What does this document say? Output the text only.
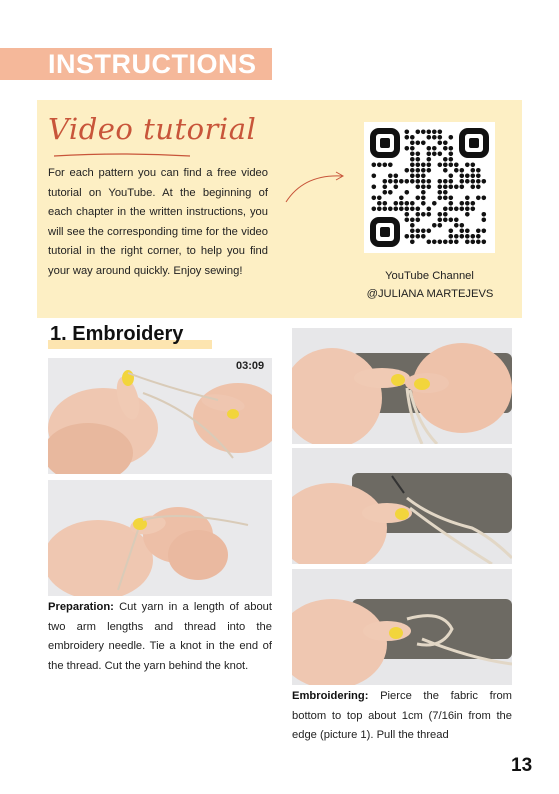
INSTRUCTIONS
Video tutorial
For each pattern you can find a free video tutorial on YouTube. At the beginning of each chapter in the written instructions, you will see the corresponding time for the video tutorial in the right corner, to help you find your way around quickly. Enjoy sewing!	YouTube Channel
@JULIANA MARTEJEVS
1. Embroidery
03:09
Preparation: Cut yarn in a length of about two arm lengths and thread into the embroidery needle. Tie a knot in the end of the thread. Cut the yarn behind the knot.
Embroidering: Pierce the fabric from bottom to top about 1cm (7/16in from the edge (picture 1). Pull the thread
13
